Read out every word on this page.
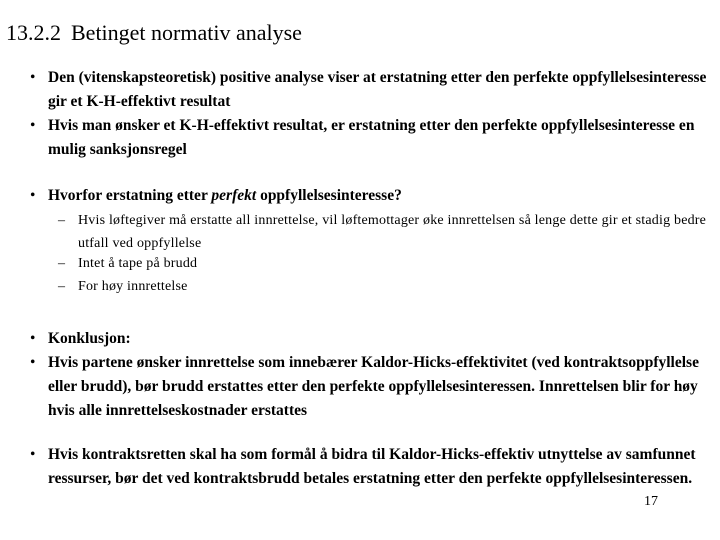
13.2.2 Betinget normativ analyse
• Den (vitenskapsteoretisk) positive analyse viser at erstatning etter den perfekte oppfyllelsesinteresse gir et K-H-effektivt resultat
• Hvis man ønsker et K-H-effektivt resultat, er erstatning etter den perfekte oppfyllelsesinteresse en mulig sanksjonsregel
• Hvorfor erstatning etter perfekt oppfyllelsesinteresse?
– Hvis løftegiver må erstatte all innrettelse, vil løftemottager øke innrettelsen så lenge dette gir et stadig bedre utfall ved oppfyllelse
– Intet å tape på brudd
– For høy innrettelse
• Konklusjon:
• Hvis partene ønsker innrettelse som innebærer Kaldor-Hicks-effektivitet (ved kontraktsoppfyllelse eller brudd), bør brudd erstattes etter den perfekte oppfyllelsesinteressen. Innrettelsen blir for høy hvis alle innrettelseskostnader erstattes
• Hvis kontraktsretten skal ha som formål å bidra til Kaldor-Hicks-effektiv utnyttelse av samfunnet ressurser, bør det ved kontraktsbrudd betales erstatning etter den perfekte oppfyllelsesinteressen.
17
